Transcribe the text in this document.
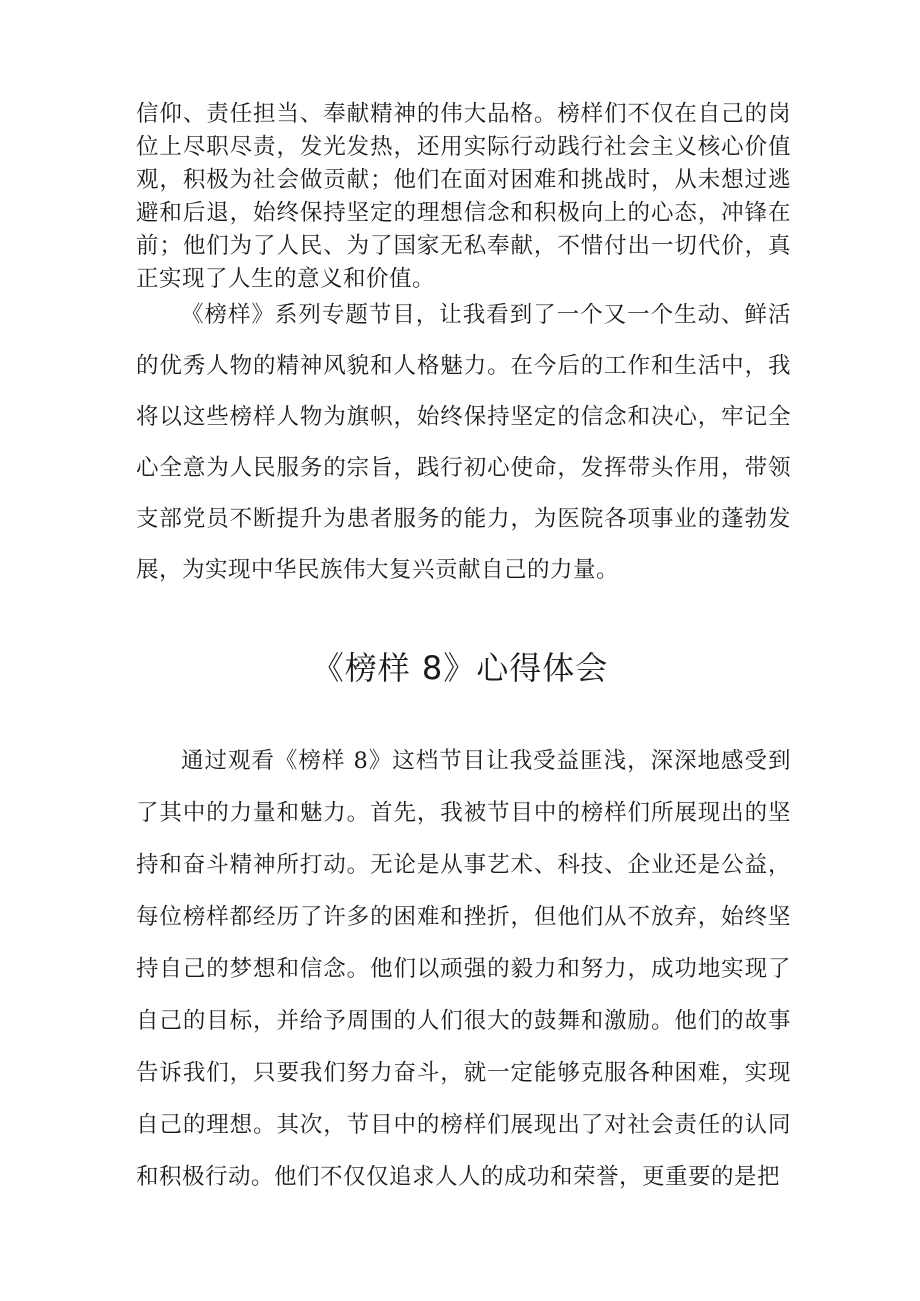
信仰、责任担当、奉献精神的伟大品格。榜样们不仅在自己的岗位上尽职尽责，发光发热，还用实际行动践行社会主义核心价值观，积极为社会做贡献；他们在面对困难和挑战时，从未想过逃避和后退，始终保持坚定的理想信念和积极向上的心态，冲锋在前；他们为了人民、为了国家无私奉献，不惜付出一切代价，真正实现了人生的意义和价值。

《榜样》系列专题节目，让我看到了一个又一个生动、鲜活的优秀人物的精神风貌和人格魅力。在今后的工作和生活中，我将以这些榜样人物为旗帜，始终保持坚定的信念和决心，牢记全心全意为人民服务的宗旨，践行初心使命，发挥带头作用，带领支部党员不断提升为患者服务的能力，为医院各项事业的蓬勃发展，为实现中华民族伟大复兴贡献自己的力量。

《榜样 8》心得体会

通过观看《榜样 8》这档节目让我受益匪浅，深深地感受到了其中的力量和魅力。首先，我被节目中的榜样们所展现出的坚持和奋斗精神所打动。无论是从事艺术、科技、企业还是公益，每位榜样都经历了许多的困难和挫折，但他们从不放弃，始终坚持自己的梦想和信念。他们以顽强的毅力和努力，成功地实现了自己的目标，并给予周围的人们很大的鼓舞和激励。他们的故事告诉我们，只要我们努力奋斗，就一定能够克服各种困难，实现自己的理想。其次，节目中的榜样们展现出了对社会责任的认同和积极行动。他们不仅仅追求人人的成功和荣誉，更重要的是把
